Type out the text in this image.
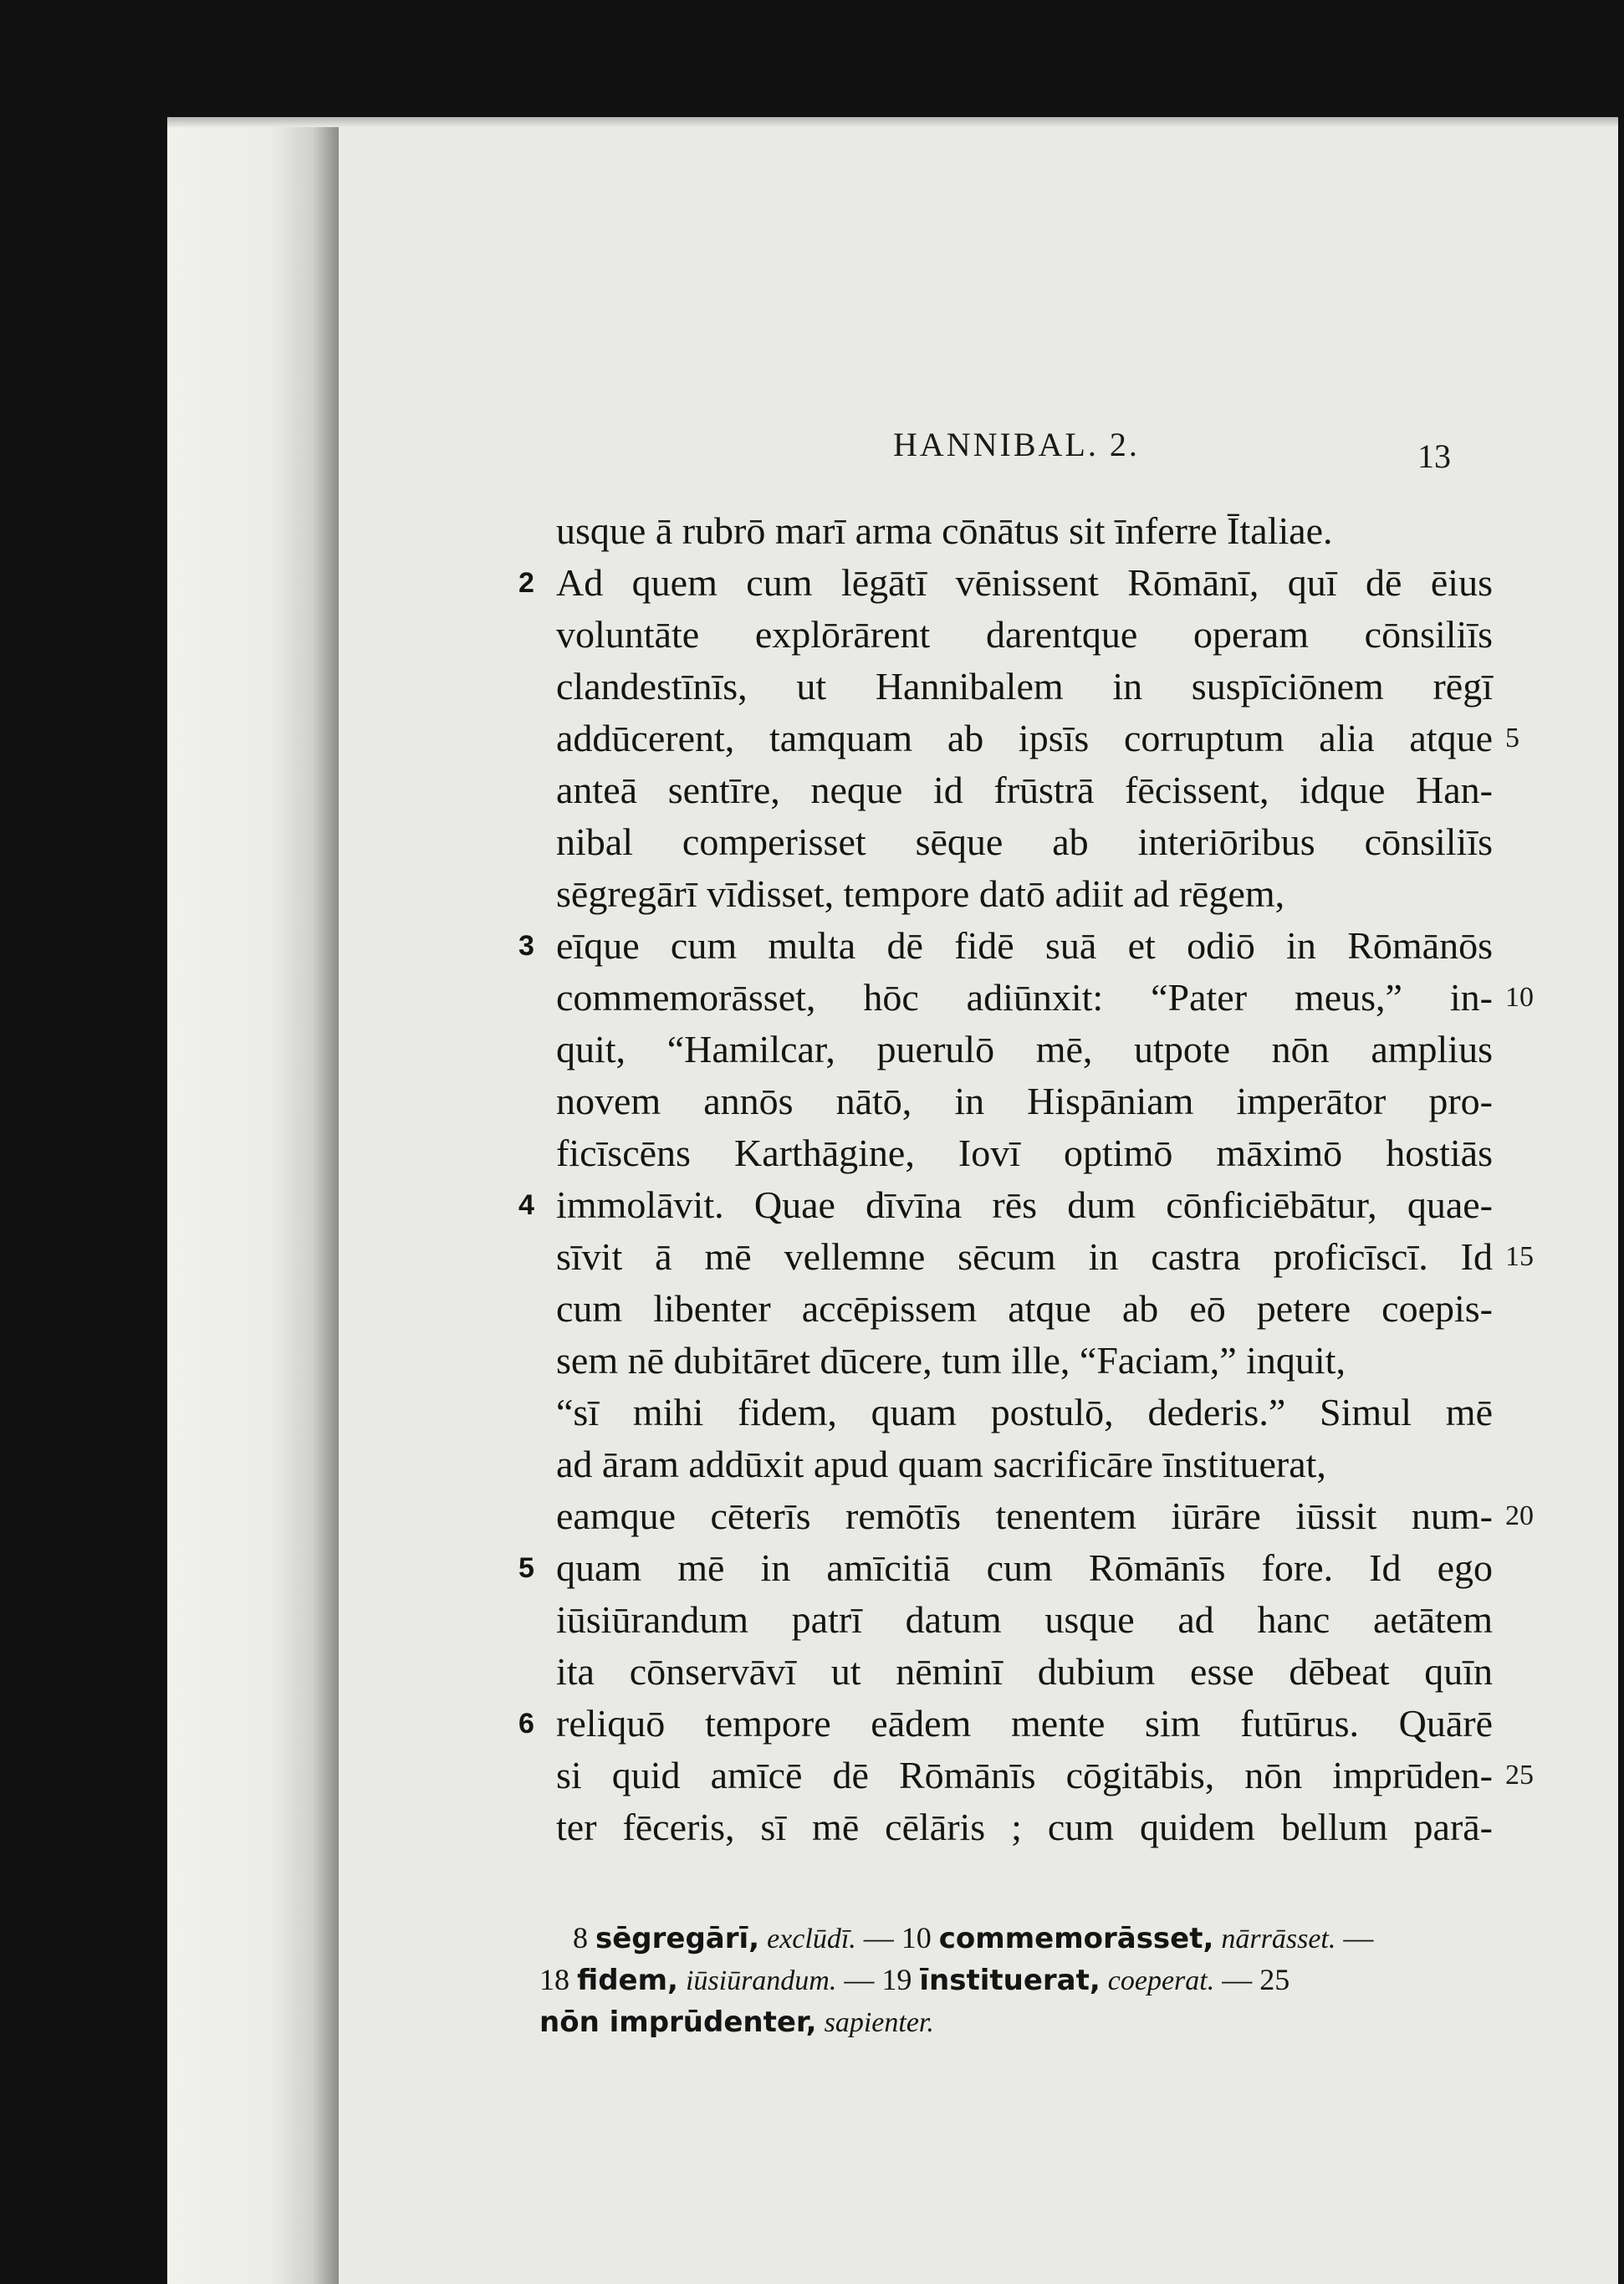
HANNIBAL. 2.	13
usque ā rubrō marī arma cōnātus sit īnferre Ītaliae.
Ad quem cum lēgātī vēnissent Rōmānī, quī dē ēius
voluntāte explōrārent darentque operam cōnsiliīs
clandestīnīs, ut Hannibalem in suspīciōnem rēgī
addūcerent, tamquam ab ipsīs corruptum alia atque
anteā sentīre, neque id frūstrā fēcissent, idque Han-
nibal comperisset sēque ab interiōribus cōnsiliīs
sēgregārī vīdisset, tempore datō adiit ad rēgem,
eīque cum multa dē fidē suā et odiō in Rōmānōs
commemorāsset, hōc adiūnxit: “Pater meus,” in-
quit, “Hamilcar, puerulō mē, utpote nōn amplius
novem annōs nātō, in Hispāniam imperātor pro-
ficīscēns Karthāgine, Iovī optimō māximō hostiās
immolāvit. Quae dīvīna rēs dum cōnficiēbātur, quae-
sīvit ā mē vellemne sēcum in castra proficīscī. Id
cum libenter accēpissem atque ab eō petere coepis-
sem nē dubitāret dūcere, tum ille, “Faciam,” inquit,
“sī mihi fidem, quam postulō, dederis.” Simul mē
ad āram addūxit apud quam sacrificāre īnstituerat,
eamque cēterīs remōtīs tenentem iūrāre iūssit num-
quam mē in amīcitiā cum Rōmānīs fore. Id ego
iūsiūrandum patrī datum usque ad hanc aetātem
ita cōnservāvī ut nēminī dubium esse dēbeat quīn
reliquō tempore eādem mente sim futūrus. Quārē
si quid amīcē dē Rōmānīs cōgitābis, nōn imprūden-
ter fēceris, sī mē cēlāris ; cum quidem bellum parā-
2
3
4
5
6
5
10
15
20
25
8 sēgregārī, exclūdī. — 10 commemorāsset, nārrāsset. —
18 fidem, iūsiūrandum. — 19 īnstituerat, coeperat. — 25
nōn imprūdenter, sapienter.
